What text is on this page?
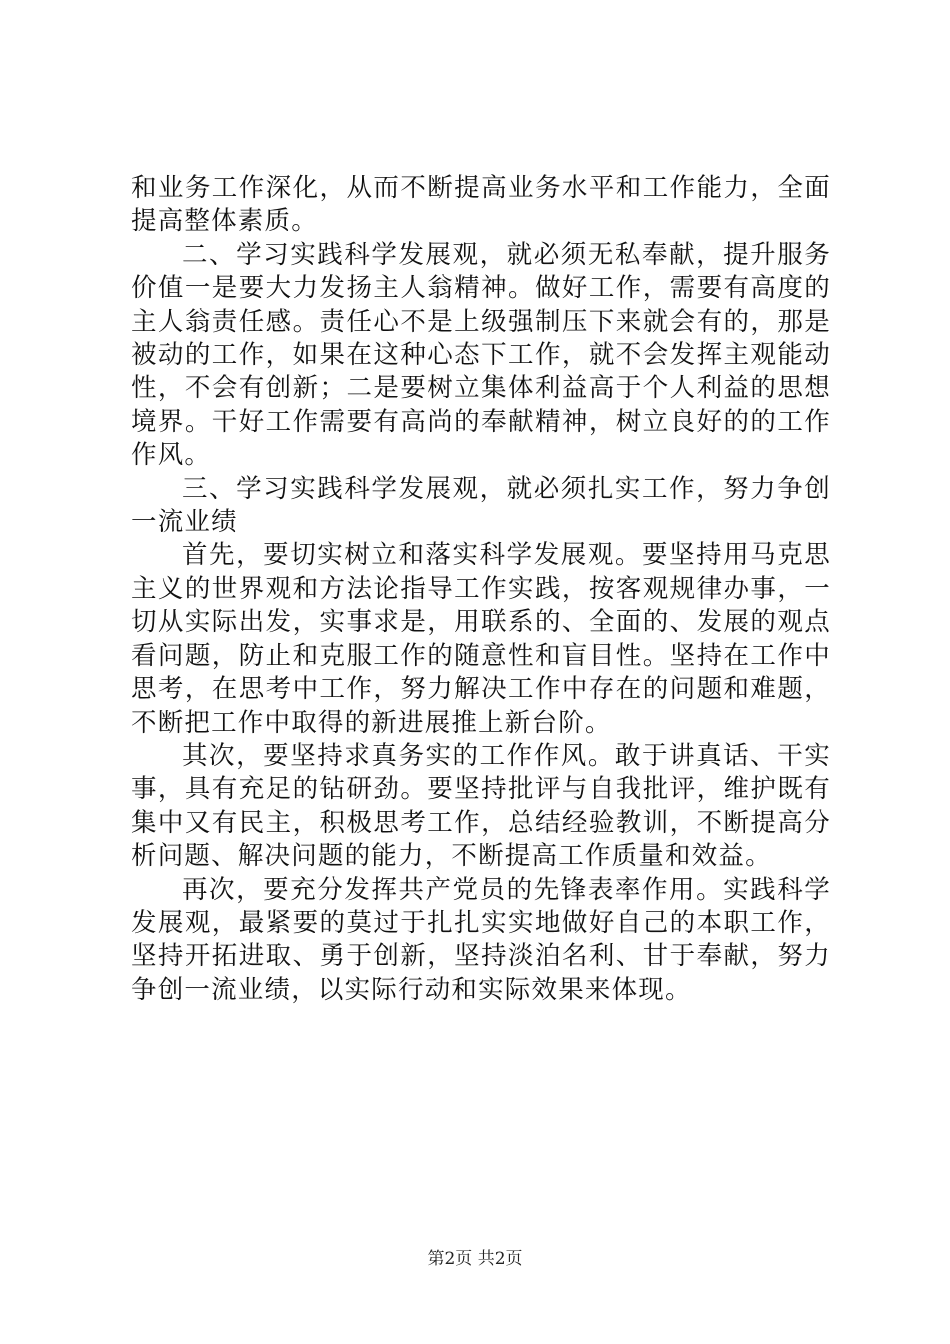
和业务工作深化，从而不断提高业务水平和工作能力，全面提高整体素质。

二、学习实践科学发展观，就必须无私奉献，提升服务价值一是要大力发扬主人翁精神。做好工作，需要有高度的主人翁责任感。责任心不是上级强制压下来就会有的，那是被动的工作，如果在这种心态下工作，就不会发挥主观能动性，不会有创新；二是要树立集体利益高于个人利益的思想境界。干好工作需要有高尚的奉献精神，树立良好的的工作作风。

三、学习实践科学发展观，就必须扎实工作，努力争创一流业绩

首先，要切实树立和落实科学发展观。要坚持用马克思主义的世界观和方法论指导工作实践，按客观规律办事，一切从实际出发，实事求是，用联系的、全面的、发展的观点看问题，防止和克服工作的随意性和盲目性。坚持在工作中思考，在思考中工作，努力解决工作中存在的问题和难题，不断把工作中取得的新进展推上新台阶。

其次，要坚持求真务实的工作作风。敢于讲真话、干实事，具有充足的钻研劲。要坚持批评与自我批评，维护既有集中又有民主，积极思考工作，总结经验教训，不断提高分析问题、解决问题的能力，不断提高工作质量和效益。

再次，要充分发挥共产党员的先锋表率作用。实践科学发展观，最紧要的莫过于扎扎实实地做好自己的本职工作，坚持开拓进取、勇于创新，坚持淡泊名利、甘于奉献，努力争创一流业绩，以实际行动和实际效果来体现。

第2页 共2页
